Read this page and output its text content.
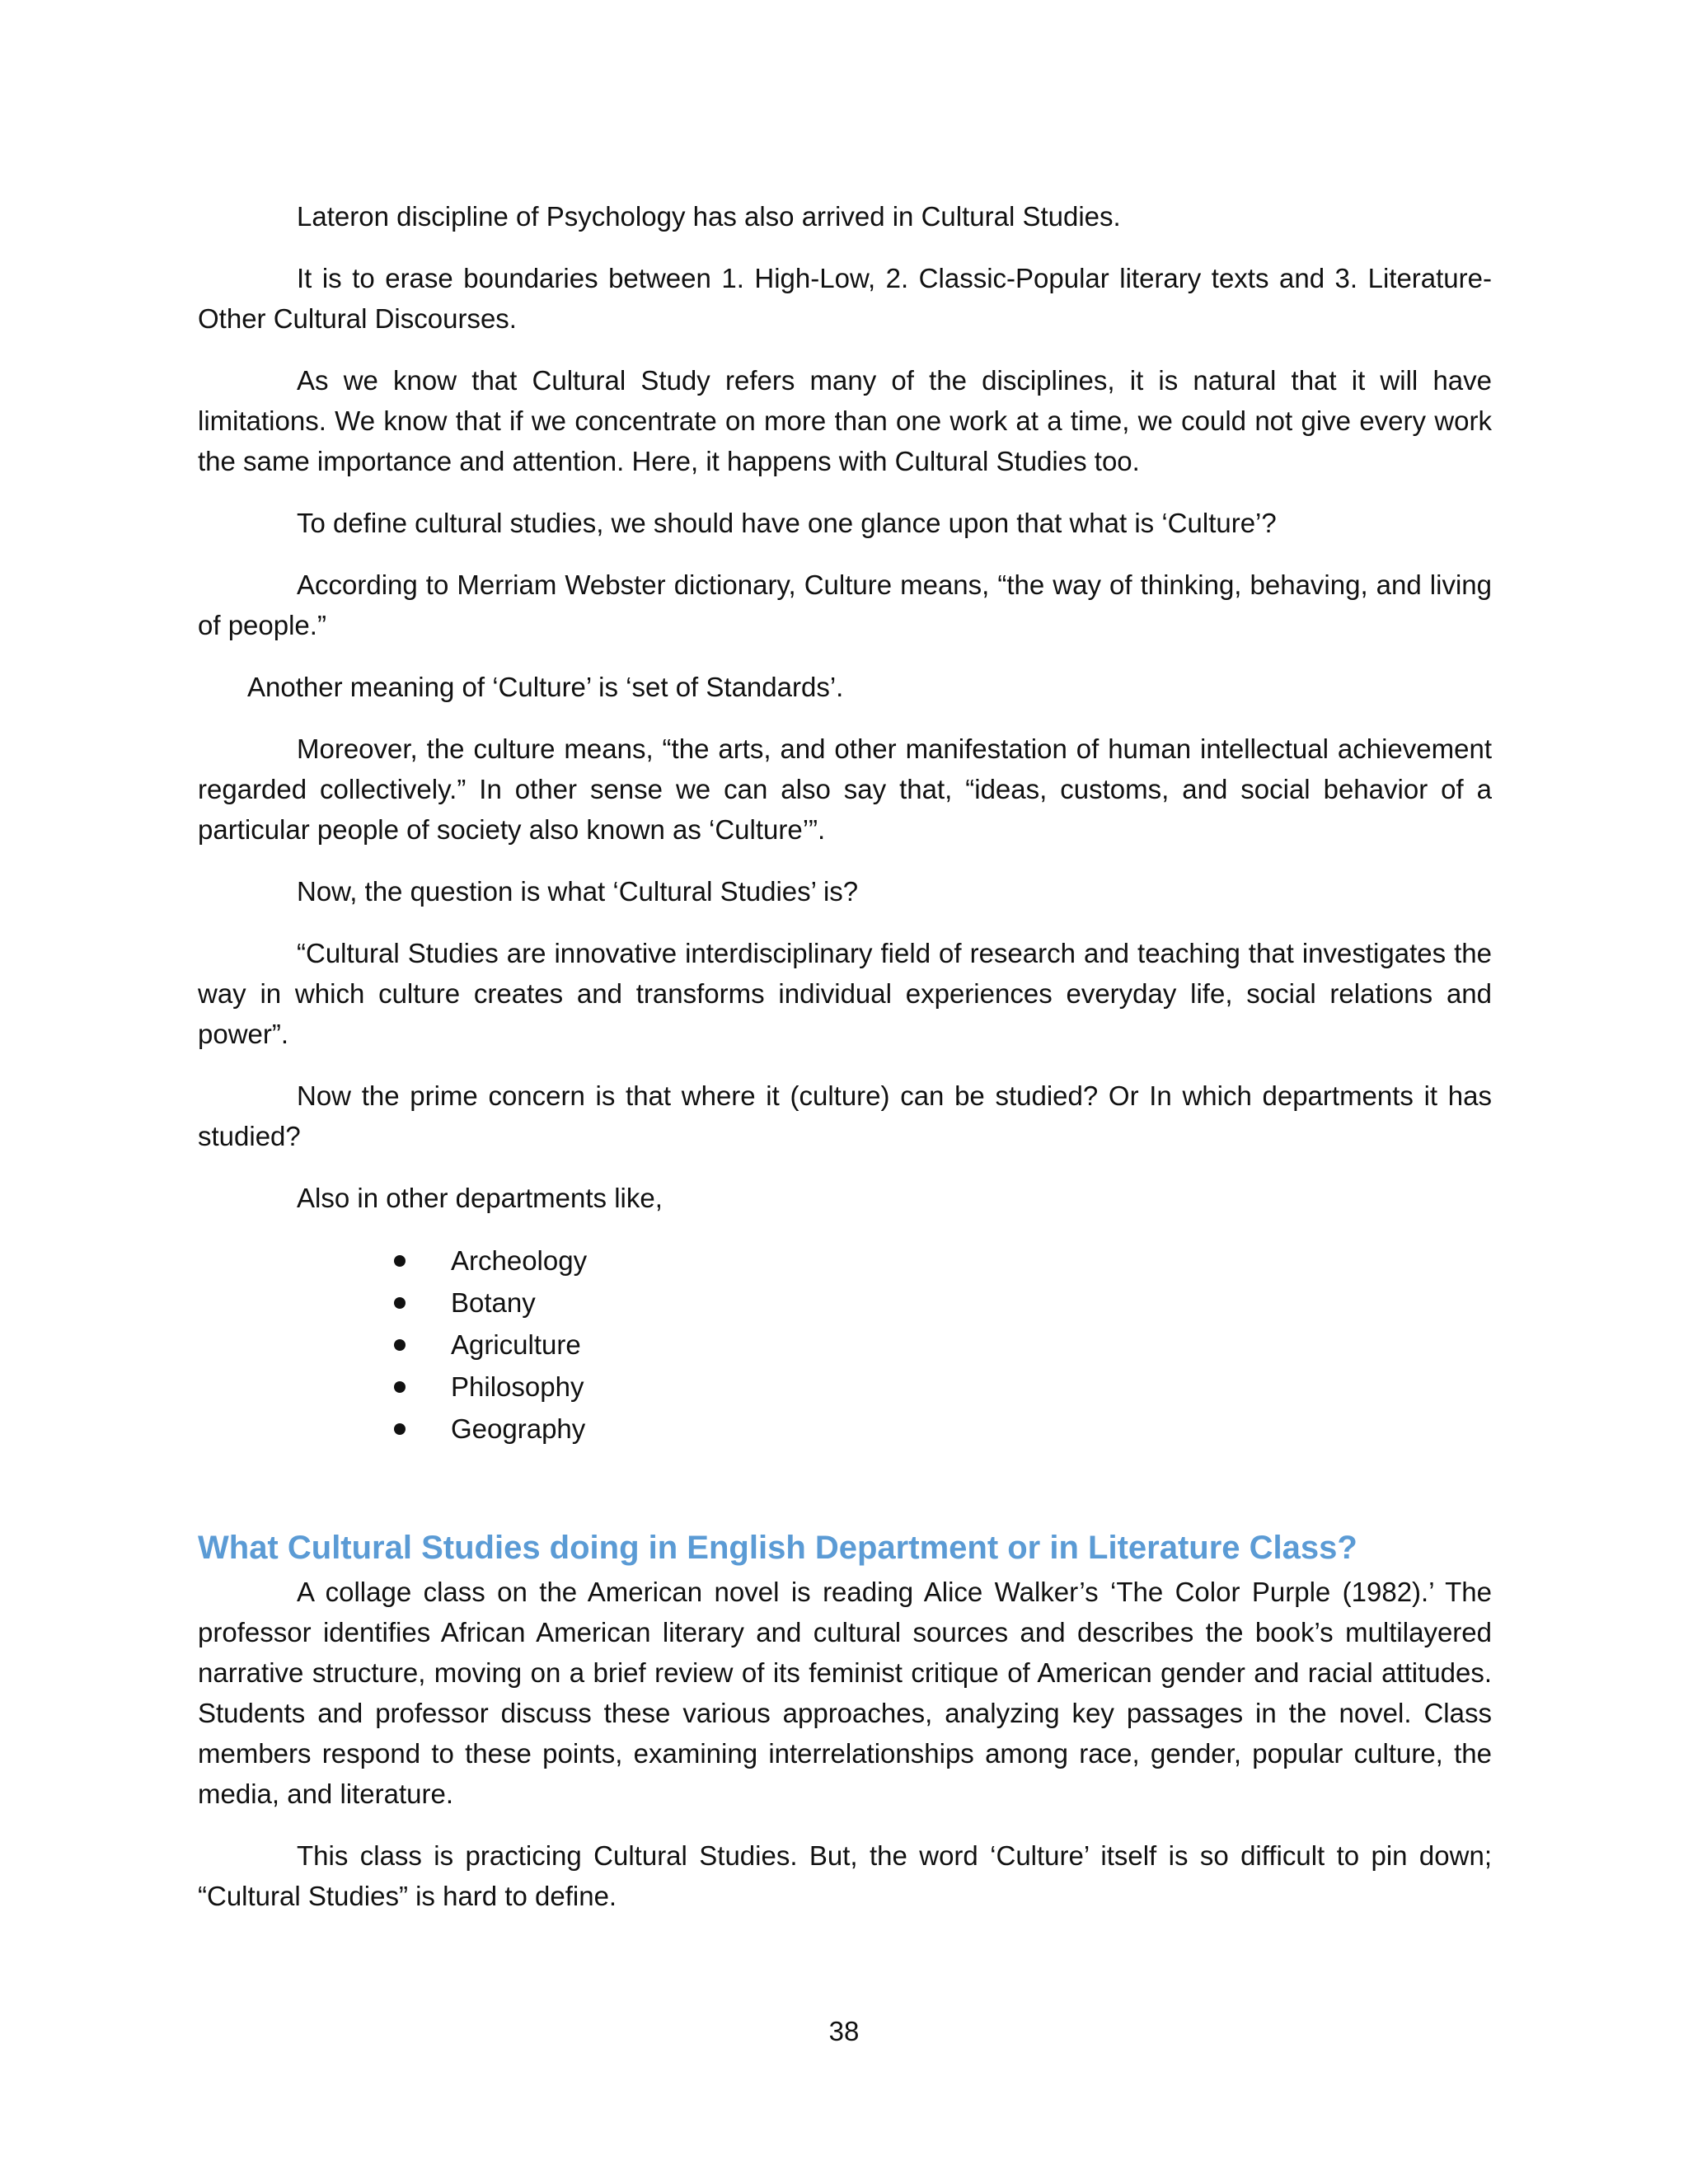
Lateron discipline of Psychology has also arrived in Cultural Studies.

It is to erase boundaries between 1. High-Low, 2. Classic-Popular literary texts and 3. Literature-Other Cultural Discourses.

As we know that Cultural Study refers many of the disciplines, it is natural that it will have limitations. We know that if we concentrate on more than one work at a time, we could not give every work the same importance and attention. Here, it happens with Cultural Studies too.

To define cultural studies, we should have one glance upon that what is ‘Culture’?

According to Merriam Webster dictionary, Culture means, “the way of thinking, behaving, and living of people.”

Another meaning of ‘Culture’ is ‘set of Standards’.

Moreover, the culture means, “the arts, and other manifestation of human intellectual achievement regarded collectively.” In other sense we can also say that, “ideas, customs, and social behavior of a particular people of society also known as ‘Culture’”.

Now, the question is what ‘Cultural Studies’ is?

“Cultural Studies are innovative interdisciplinary field of research and teaching that investigates the way in which culture creates and transforms individual experiences everyday life, social relations and power”.

Now the prime concern is that where it (culture) can be studied? Or In which departments it has studied?

Also in other departments like,

Archeology
Botany
Agriculture
Philosophy
Geography
What Cultural Studies doing in English Department or in Literature Class?

A collage class on the American novel is reading Alice Walker’s ‘The Color Purple (1982).’ The professor identifies African American literary and cultural sources and describes the book’s multilayered narrative structure, moving on a brief review of its feminist critique of American gender and racial attitudes. Students and professor discuss these various approaches, analyzing key passages in the novel. Class members respond to these points, examining interrelationships among race, gender, popular culture, the media, and literature.

This class is practicing Cultural Studies. But, the word ‘Culture’ itself is so difficult to pin down; “Cultural Studies” is hard to define.

38
